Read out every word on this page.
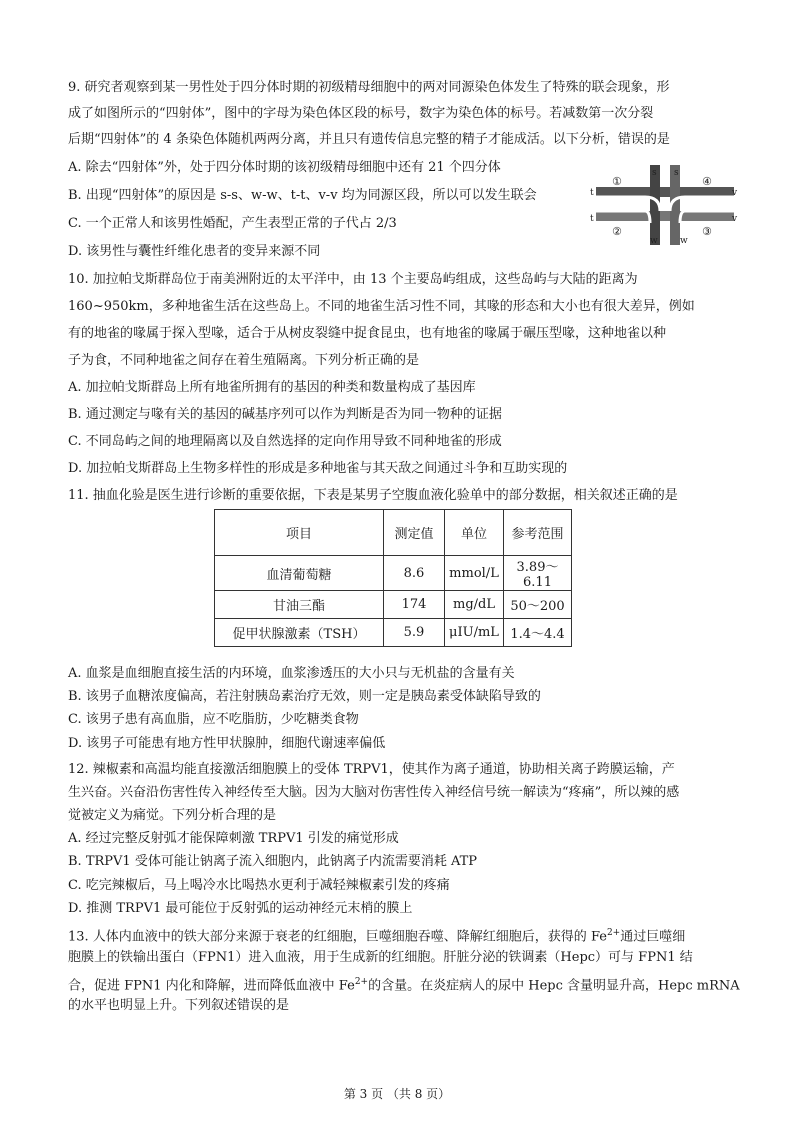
9. 研究者观察到某一男性处于四分体时期的初级精母细胞中的两对同源染色体发生了特殊的联会现象，形
成了如图所示的“四射体”，图中的字母为染色体区段的标号，数字为染色体的标号。若减数第一次分裂
后期“四射体”的 4 条染色体随机两两分离，并且只有遗传信息完整的精子才能成活。以下分析，错误的是
A. 除去“四射体”外，处于四分体时期的该初级精母细胞中还有 21 个四分体
B. 出现“四射体”的原因是 s-s、w-w、t-t、v-v 均为同源区段，所以可以发生联会
C. 一个正常人和该男性婚配，产生表型正常的子代占 2/3
D. 该男性与囊性纤维化患者的变异来源不同
s s
t	v
t	v
w w
①
②	③
④
10. 加拉帕戈斯群岛位于南美洲附近的太平洋中，由 13 个主要岛屿组成，这些岛屿与大陆的距离为
160~950km，多种地雀生活在这些岛上。不同的地雀生活习性不同，其喙的形态和大小也有很大差异，例如
有的地雀的喙属于探入型喙，适合于从树皮裂缝中捉食昆虫，也有地雀的喙属于碾压型喙，这种地雀以种
子为食，不同种地雀之间存在着生殖隔离。下列分析正确的是
A. 加拉帕戈斯群岛上所有地雀所拥有的基因的种类和数量构成了基因库
B. 通过测定与喙有关的基因的碱基序列可以作为判断是否为同一物种的证据
C. 不同岛屿之间的地理隔离以及自然选择的定向作用导致不同种地雀的形成
D. 加拉帕戈斯群岛上生物多样性的形成是多种地雀与其天敌之间通过斗争和互助实现的
11. 抽血化验是医生进行诊断的重要依据，下表是某男子空腹血液化验单中的部分数据，相关叙述正确的是
项目	测定值	单位	参考范围
血清葡萄糖	8.6	mmol/L	3.89～6.11
甘油三酯	174	mg/dL	50～200
促甲状腺激素（TSH）	5.9	μIU/mL	1.4～4.4
A. 血浆是血细胞直接生活的内环境，血浆渗透压的大小只与无机盐的含量有关
B. 该男子血糖浓度偏高，若注射胰岛素治疗无效，则一定是胰岛素受体缺陷导致的
C. 该男子患有高血脂，应不吃脂肪，少吃糖类食物
D. 该男子可能患有地方性甲状腺肿，细胞代谢速率偏低
12. 辣椒素和高温均能直接激活细胞膜上的受体 TRPV1，使其作为离子通道，协助相关离子跨膜运输，产
生兴奋。兴奋沿伤害性传入神经传至大脑。因为大脑对伤害性传入神经信号统一解读为“疼痛”，所以辣的感
觉被定义为痛觉。下列分析合理的是
A. 经过完整反射弧才能保障刺激 TRPV1 引发的痛觉形成
B. TRPV1 受体可能让钠离子流入细胞内，此钠离子内流需要消耗 ATP
C. 吃完辣椒后，马上喝冷水比喝热水更利于减轻辣椒素引发的疼痛
D. 推测 TRPV1 最可能位于反射弧的运动神经元末梢的膜上
13. 人体内血液中的铁大部分来源于衰老的红细胞，巨噬细胞吞噬、降解红细胞后，获得的 $Fe^{2+}$通过巨噬细
胞膜上的铁输出蛋白（FPN1）进入血液，用于生成新的红细胞。肝脏分泌的铁调素（Hepc）可与 FPN1 结
合，促进 FPN1 内化和降解，进而降低血液中 $Fe^{2+}$的含量。在炎症病人的尿中 Hepc 含量明显升高，Hepc mRNA
的水平也明显上升。下列叙述错误的是
第 3 页 （共 8 页）
